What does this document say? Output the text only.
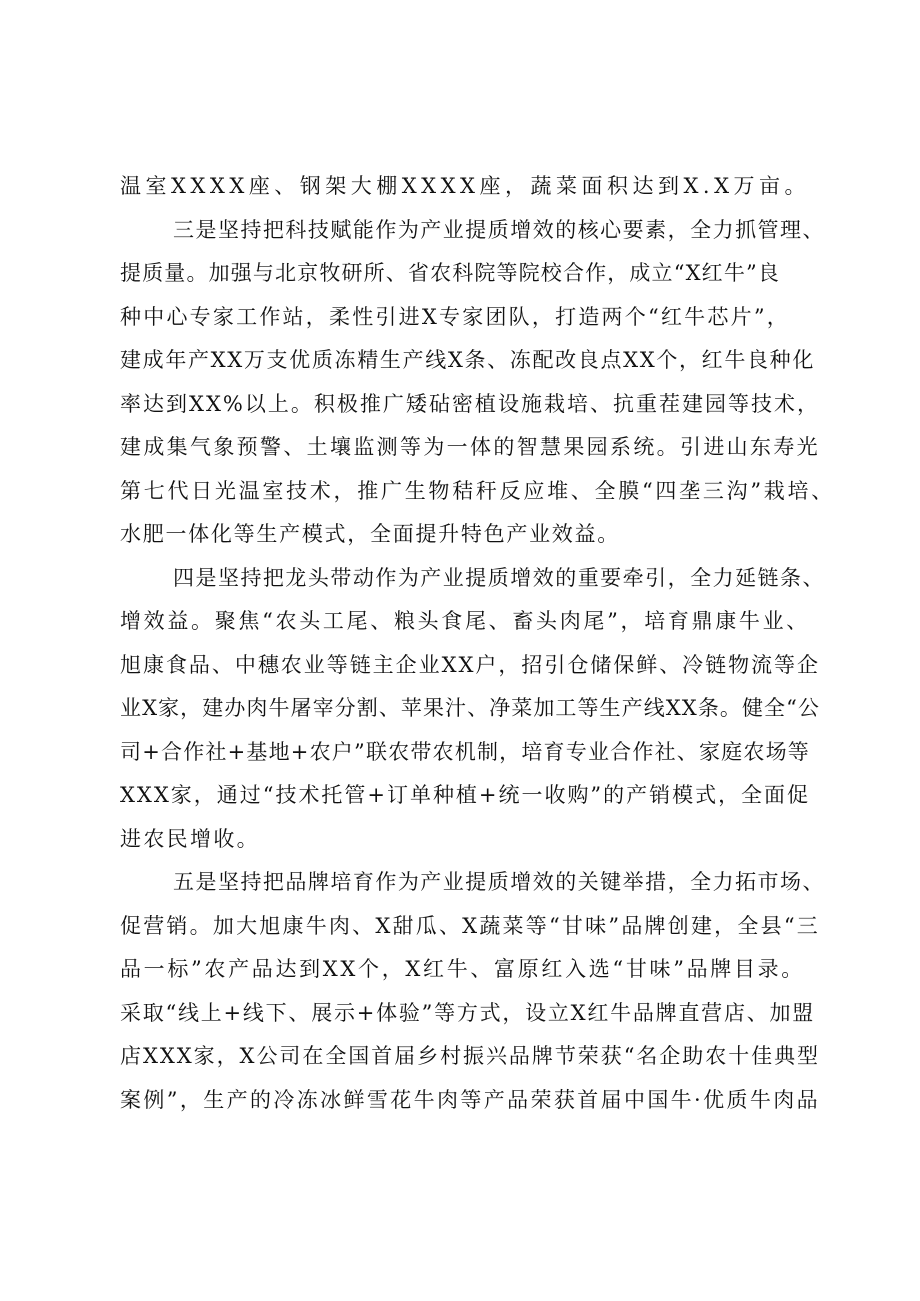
温室XXXX座、钢架大棚XXXX座，蔬菜面积达到X.X万亩。
三是坚持把科技赋能作为产业提质增效的核心要素，全力抓管理、
提质量。加强与北京牧研所、省农科院等院校合作，成立“X红牛”良
种中心专家工作站，柔性引进X专家团队，打造两个“红牛芯片”，
建成年产XX万支优质冻精生产线X条、冻配改良点XX个，红牛良种化
率达到XX%以上。积极推广矮砧密植设施栽培、抗重茬建园等技术，
建成集气象预警、土壤监测等为一体的智慧果园系统。引进山东寿光
第七代日光温室技术，推广生物秸秆反应堆、全膜“四垄三沟”栽培、
水肥一体化等生产模式，全面提升特色产业效益。
四是坚持把龙头带动作为产业提质增效的重要牵引，全力延链条、
增效益。聚焦“农头工尾、粮头食尾、畜头肉尾”，培育鼎康牛业、
旭康食品、中穗农业等链主企业XX户，招引仓储保鲜、冷链物流等企
业X家，建办肉牛屠宰分割、苹果汁、净菜加工等生产线XX条。健全“公
司+合作社+基地+农户”联农带农机制，培育专业合作社、家庭农场等
XXX家，通过“技术托管+订单种植+统一收购”的产销模式，全面促
进农民增收。
五是坚持把品牌培育作为产业提质增效的关键举措，全力拓市场、
促营销。加大旭康牛肉、X甜瓜、X蔬菜等“甘味”品牌创建，全县“三
品一标”农产品达到XX个，X红牛、富原红入选“甘味”品牌目录。
采取“线上+线下、展示+体验”等方式，设立X红牛品牌直营店、加盟
店XXX家，X公司在全国首届乡村振兴品牌节荣获“名企助农十佳典型
案例”，生产的冷冻冰鲜雪花牛肉等产品荣获首届中国牛·优质牛肉品
